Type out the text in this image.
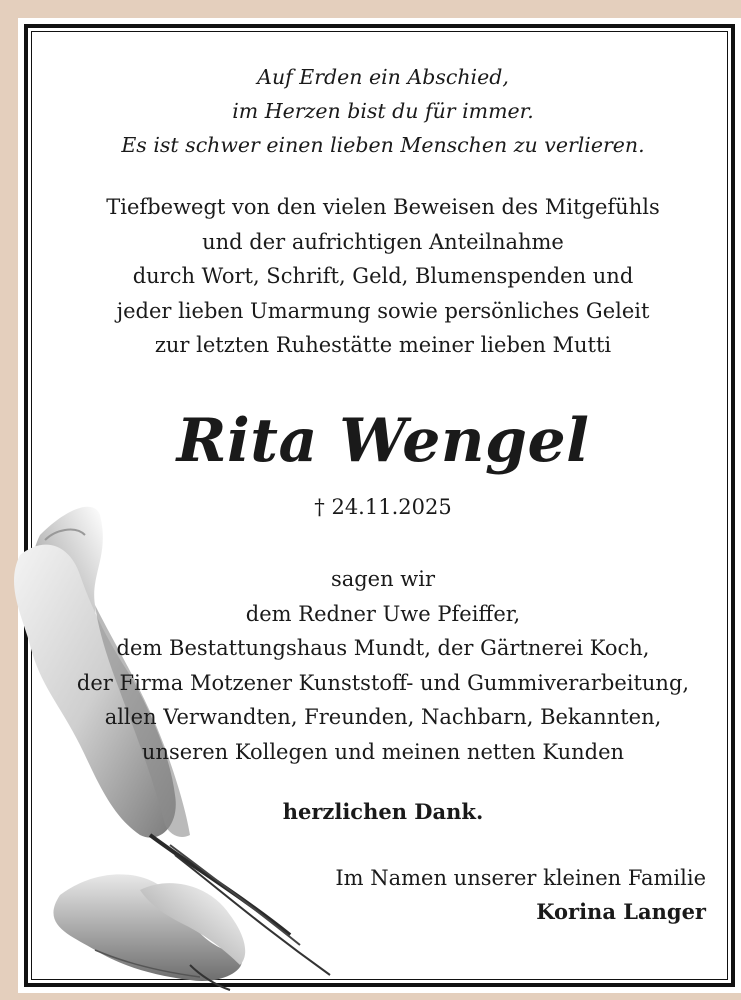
Auf Erden ein Abschied,
im Herzen bist du für immer.
Es ist schwer einen lieben Menschen zu verlieren.
Tiefbewegt von den vielen Beweisen des Mitgefühls
und der aufrichtigen Anteilnahme
durch Wort, Schrift, Geld, Blumenspenden und
jeder lieben Umarmung sowie persönliches Geleit
zur letzten Ruhestätte meiner lieben Mutti
Rita Wengel
† 24.11.2025
sagen wir
dem Redner Uwe Pfeiffer,
dem Bestattungshaus Mundt, der Gärtnerei Koch,
der Firma Motzener Kunststoff- und Gummiverarbeitung,
allen Verwandten, Freunden, Nachbarn, Bekannten,
unseren Kollegen und meinen netten Kunden
herzlichen Dank.
Im Namen unserer kleinen Familie
Korina Langer
